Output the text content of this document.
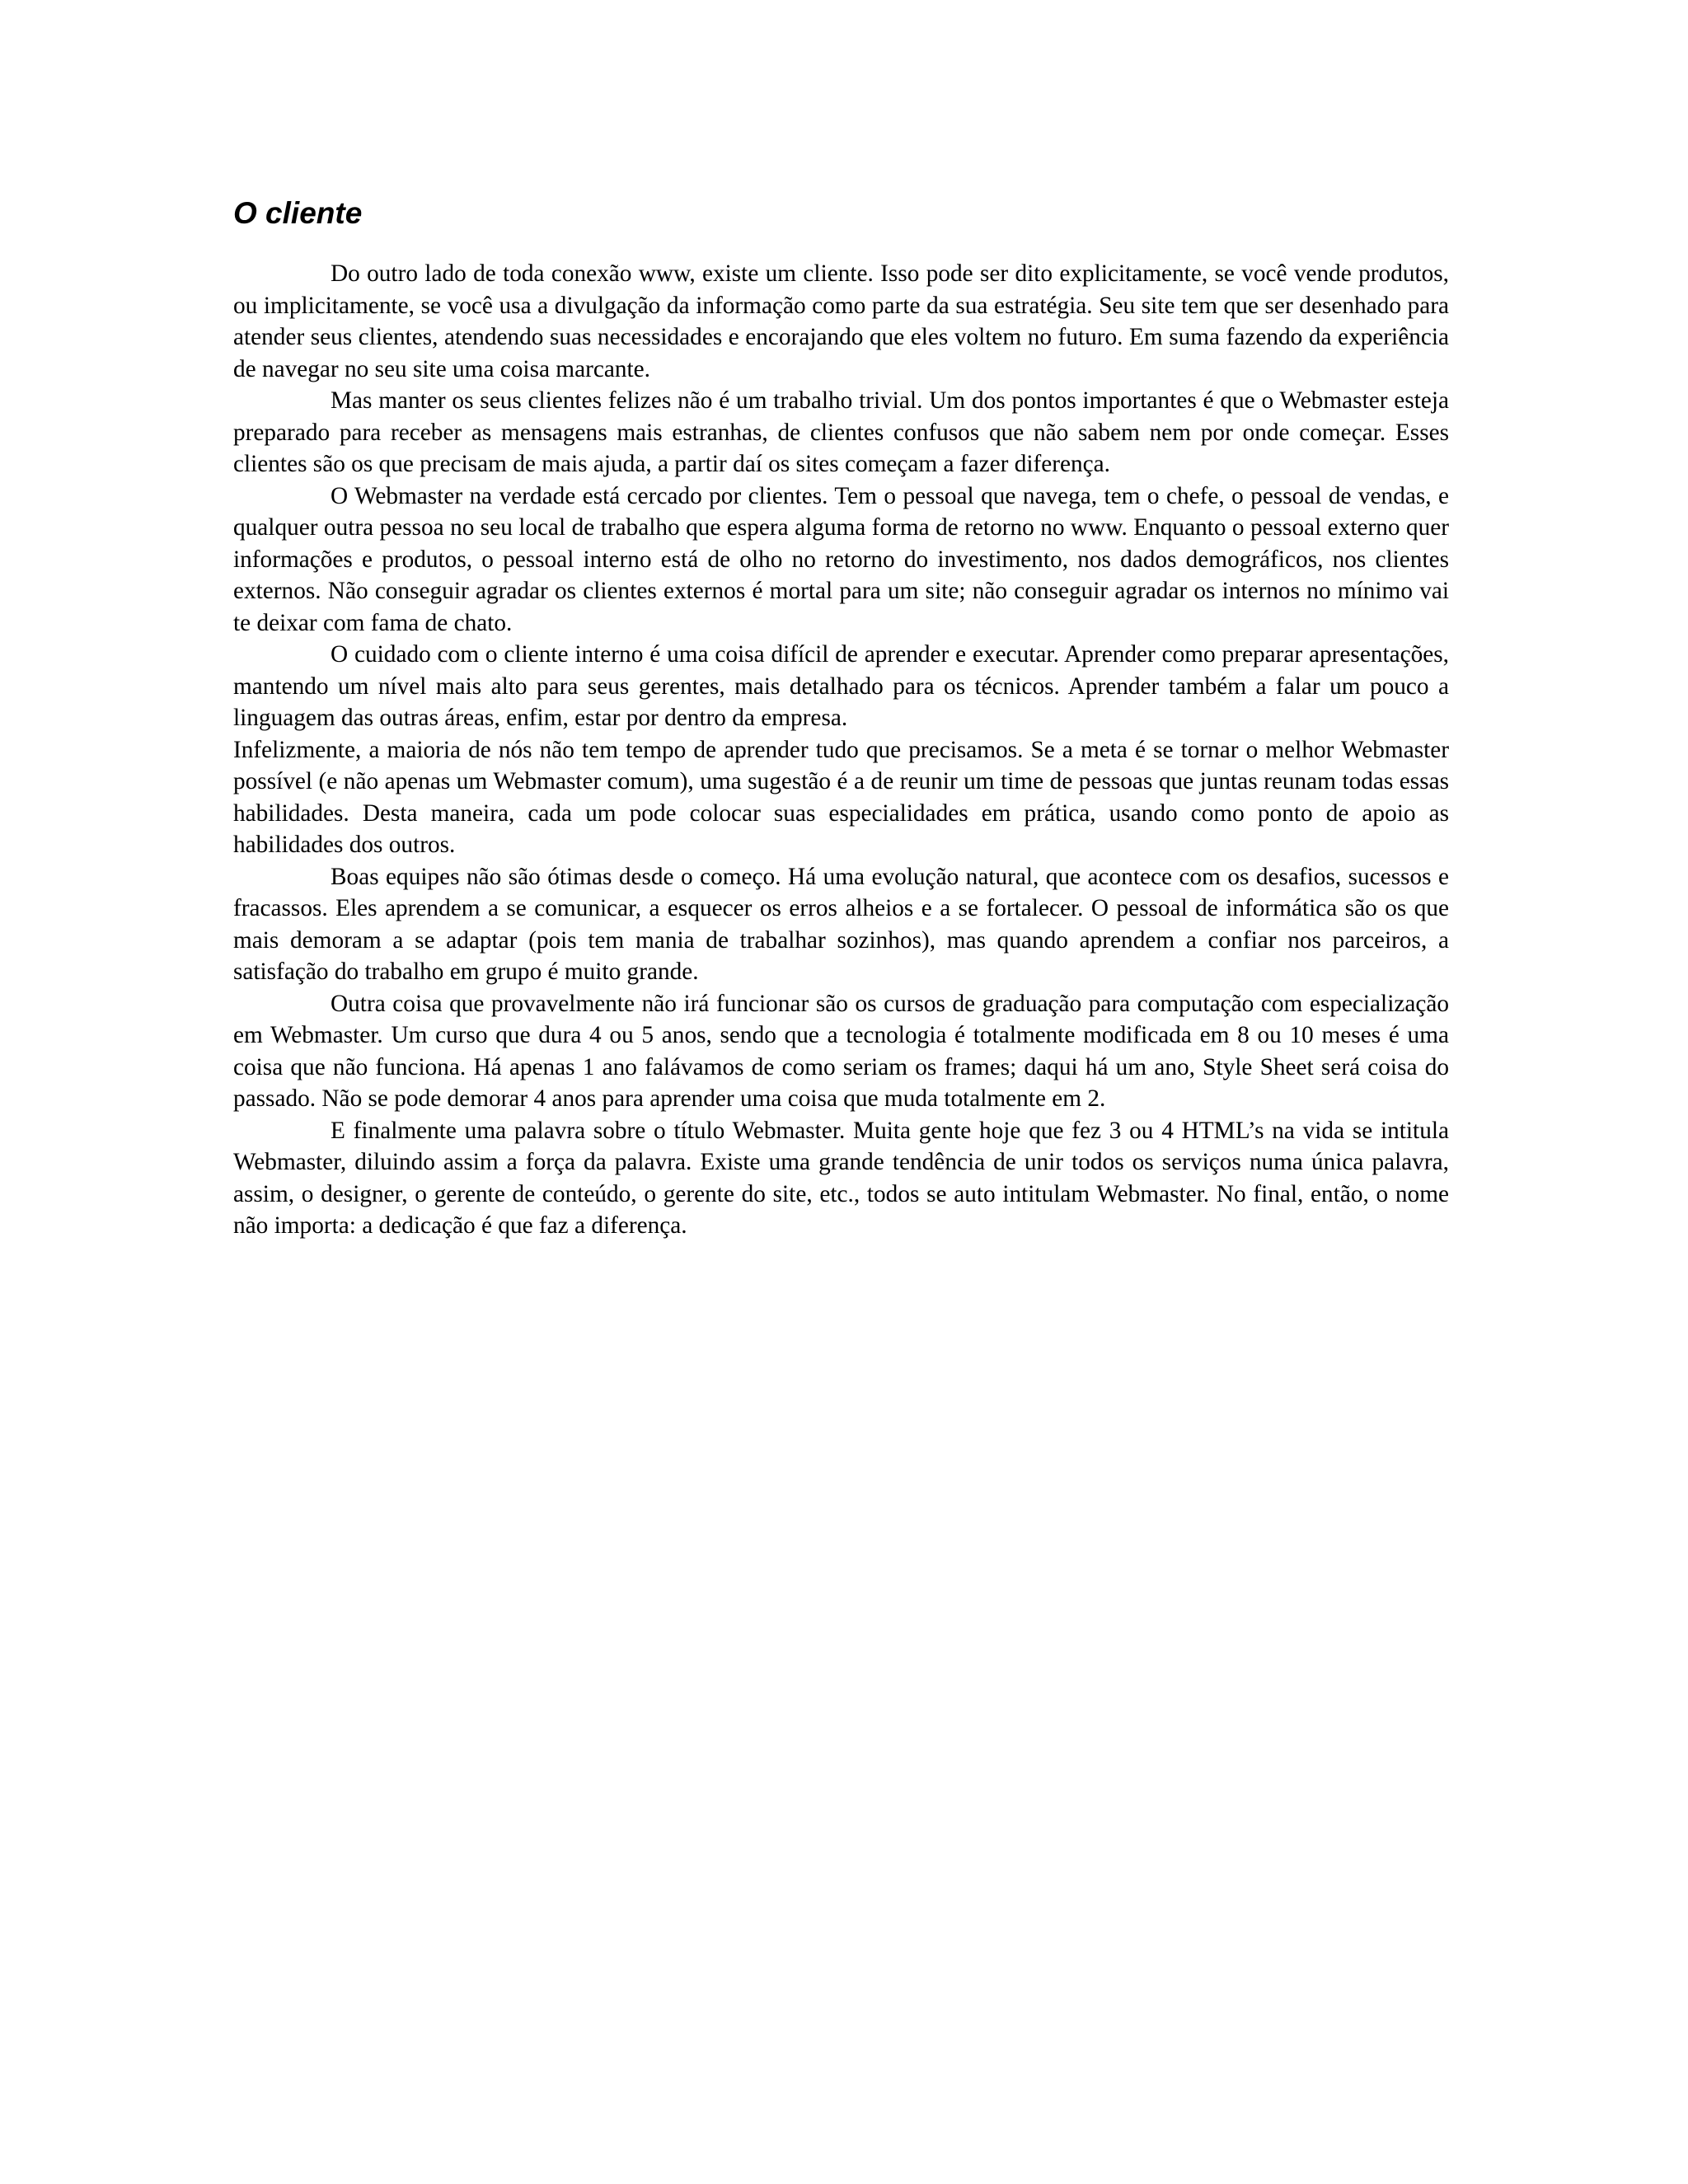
O cliente

Do outro lado de toda conexão www, existe um cliente. Isso pode ser dito explicitamente, se você vende produtos, ou implicitamente, se você usa a divulgação da informação como parte da sua estratégia. Seu site tem que ser desenhado para atender seus clientes, atendendo suas necessidades e encorajando que eles voltem no futuro. Em suma fazendo da experiência de navegar no seu site uma coisa marcante.

Mas manter os seus clientes felizes não é um trabalho trivial. Um dos pontos importantes é que o Webmaster esteja preparado para receber as mensagens mais estranhas, de clientes confusos que não sabem nem por onde começar. Esses clientes são os que precisam de mais ajuda, a partir daí os sites começam a fazer diferença.

O Webmaster na verdade está cercado por clientes. Tem o pessoal que navega, tem o chefe, o pessoal de vendas, e qualquer outra pessoa no seu local de trabalho que espera alguma forma de retorno no www. Enquanto o pessoal externo quer informações e produtos, o pessoal interno está de olho no retorno do investimento, nos dados demográficos, nos clientes externos. Não conseguir agradar os clientes externos é mortal para um site; não conseguir agradar os internos no mínimo vai te deixar com fama de chato.

O cuidado com o cliente interno é uma coisa difícil de aprender e executar. Aprender como preparar apresentações, mantendo um nível mais alto para seus gerentes, mais detalhado para os técnicos. Aprender também a falar um pouco a linguagem das outras áreas, enfim, estar por dentro da empresa.

Infelizmente, a maioria de nós não tem tempo de aprender tudo que precisamos. Se a meta é se tornar o melhor Webmaster possível (e não apenas um Webmaster comum), uma sugestão é a de reunir um time de pessoas que juntas reunam todas essas habilidades. Desta maneira, cada um pode colocar suas especialidades em prática, usando como ponto de apoio as habilidades dos outros.

Boas equipes não são ótimas desde o começo. Há uma evolução natural, que acontece com os desafios, sucessos e fracassos. Eles aprendem a se comunicar, a esquecer os erros alheios e a se fortalecer. O pessoal de informática são os que mais demoram a se adaptar (pois tem mania de trabalhar sozinhos), mas quando aprendem a confiar nos parceiros, a satisfação do trabalho em grupo é muito grande.

Outra coisa que provavelmente não irá funcionar são os cursos de graduação para computação com especialização em Webmaster. Um curso que dura 4 ou 5 anos, sendo que a tecnologia é totalmente modificada em 8 ou 10 meses é uma coisa que não funciona. Há apenas 1 ano falávamos de como seriam os frames; daqui há um ano, Style Sheet será coisa do passado. Não se pode demorar 4 anos para aprender uma coisa que muda totalmente em 2.

E finalmente uma palavra sobre o título Webmaster. Muita gente hoje que fez 3 ou 4 HTML’s na vida se intitula Webmaster, diluindo assim a força da palavra. Existe uma grande tendência de unir todos os serviços numa única palavra, assim, o designer, o gerente de conteúdo, o gerente do site, etc., todos se auto intitulam Webmaster. No final, então, o nome não importa: a dedicação é que faz a diferença.
